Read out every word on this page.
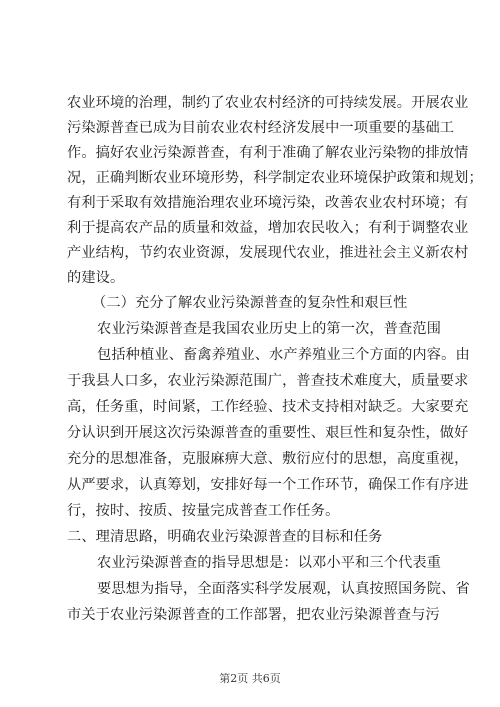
农业环境的治理，制约了农业农村经济的可持续发展。开展农业
污染源普查已成为目前农业农村经济发展中一项重要的基础工
作。搞好农业污染源普查，有利于准确了解农业污染物的排放情
况，正确判断农业环境形势，科学制定农业环境保护政策和规划；
有利于采取有效措施治理农业环境污染，改善农业农村环境；有
利于提高农产品的质量和效益，增加农民收入；有利于调整农业
产业结构，节约农业资源，发展现代农业，推进社会主义新农村
的建设。
（二）充分了解农业污染源普查的复杂性和艰巨性
农业污染源普查是我国农业历史上的第一次，普查范围
包括种植业、畜禽养殖业、水产养殖业三个方面的内容。由
于我县人口多，农业污染源范围广，普查技术难度大，质量要求
高，任务重，时间紧，工作经验、技术支持相对缺乏。大家要充
分认识到开展这次污染源普查的重要性、艰巨性和复杂性，做好
充分的思想准备，克服麻痹大意、敷衍应付的思想，高度重视，
从严要求，认真筹划，安排好每一个工作环节，确保工作有序进
行，按时、按质、按量完成普查工作任务。
二、理清思路，明确农业污染源普查的目标和任务
农业污染源普查的指导思想是：以邓小平和三个代表重
要思想为指导，全面落实科学发展观，认真按照国务院、省
市关于农业污染源普查的工作部署，把农业污染源普查与污
第2页 共6页
